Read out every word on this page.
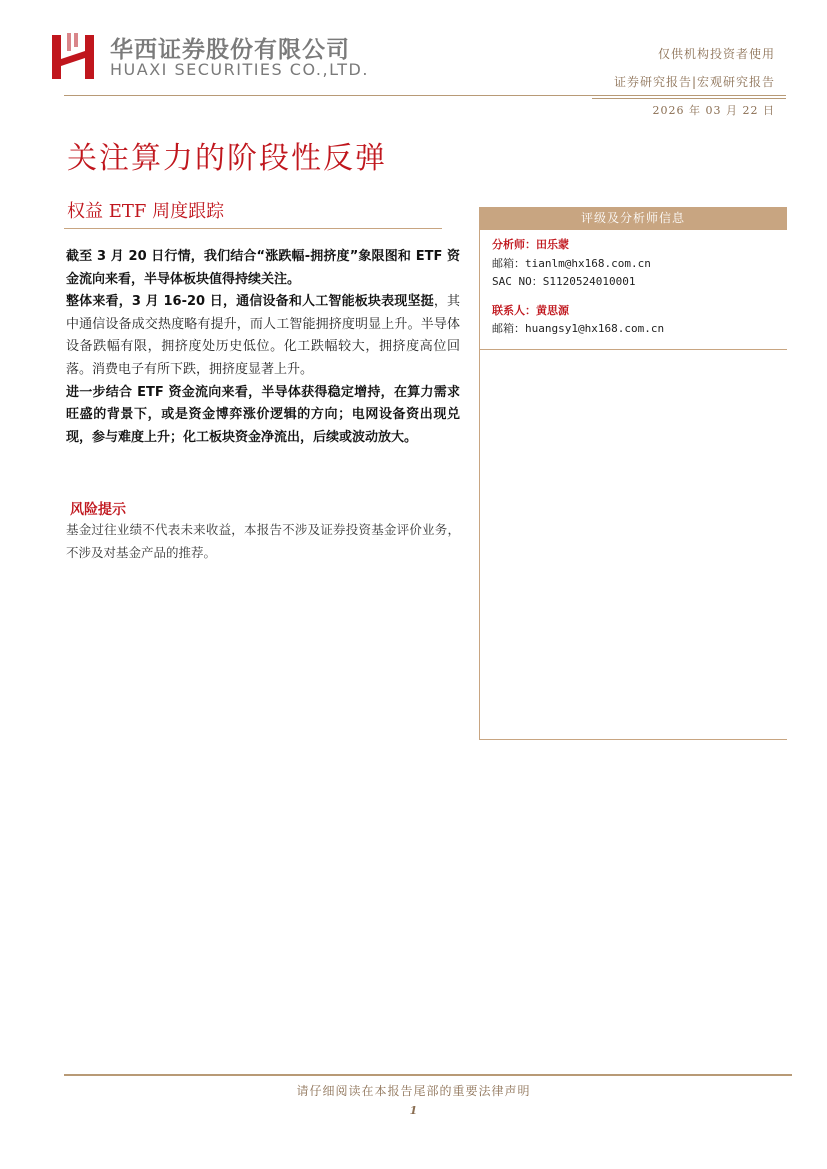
华西证券股份有限公司
HUAXI SECURITIES CO.,LTD.
仅供机构投资者使用
证券研究报告|宏观研究报告
2026 年 03 月 22 日
关注算力的阶段性反弹
权益 ETF 周度跟踪

截至 3 月 20 日行情，我们结合“涨跌幅-拥挤度”象限图和 ETF 资金流向来看，半导体板块值得持续关注。

整体来看，3 月 16-20 日，通信设备和人工智能板块表现坚挺，其中通信设备成交热度略有提升，而人工智能拥挤度明显上升。半导体设备跌幅有限，拥挤度处历史低位。化工跌幅较大，拥挤度高位回落。消费电子有所下跌，拥挤度显著上升。

进一步结合 ETF 资金流向来看，半导体获得稳定增持，在算力需求旺盛的背景下，或是资金博弈涨价逻辑的方向；电网设备资出现兑现，参与难度上升；化工板块资金净流出，后续或波动放大。

风险提示
基金过往业绩不代表未来收益，本报告不涉及证券投资基金评价业务，不涉及对基金产品的推荐。
评级及分析师信息
分析师：田乐蒙
邮箱：tianlm@hx168.com.cn
SAC NO：S1120524010001
联系人：黄思源
邮箱：huangsy1@hx168.com.cn
请仔细阅读在本报告尾部的重要法律声明
1
